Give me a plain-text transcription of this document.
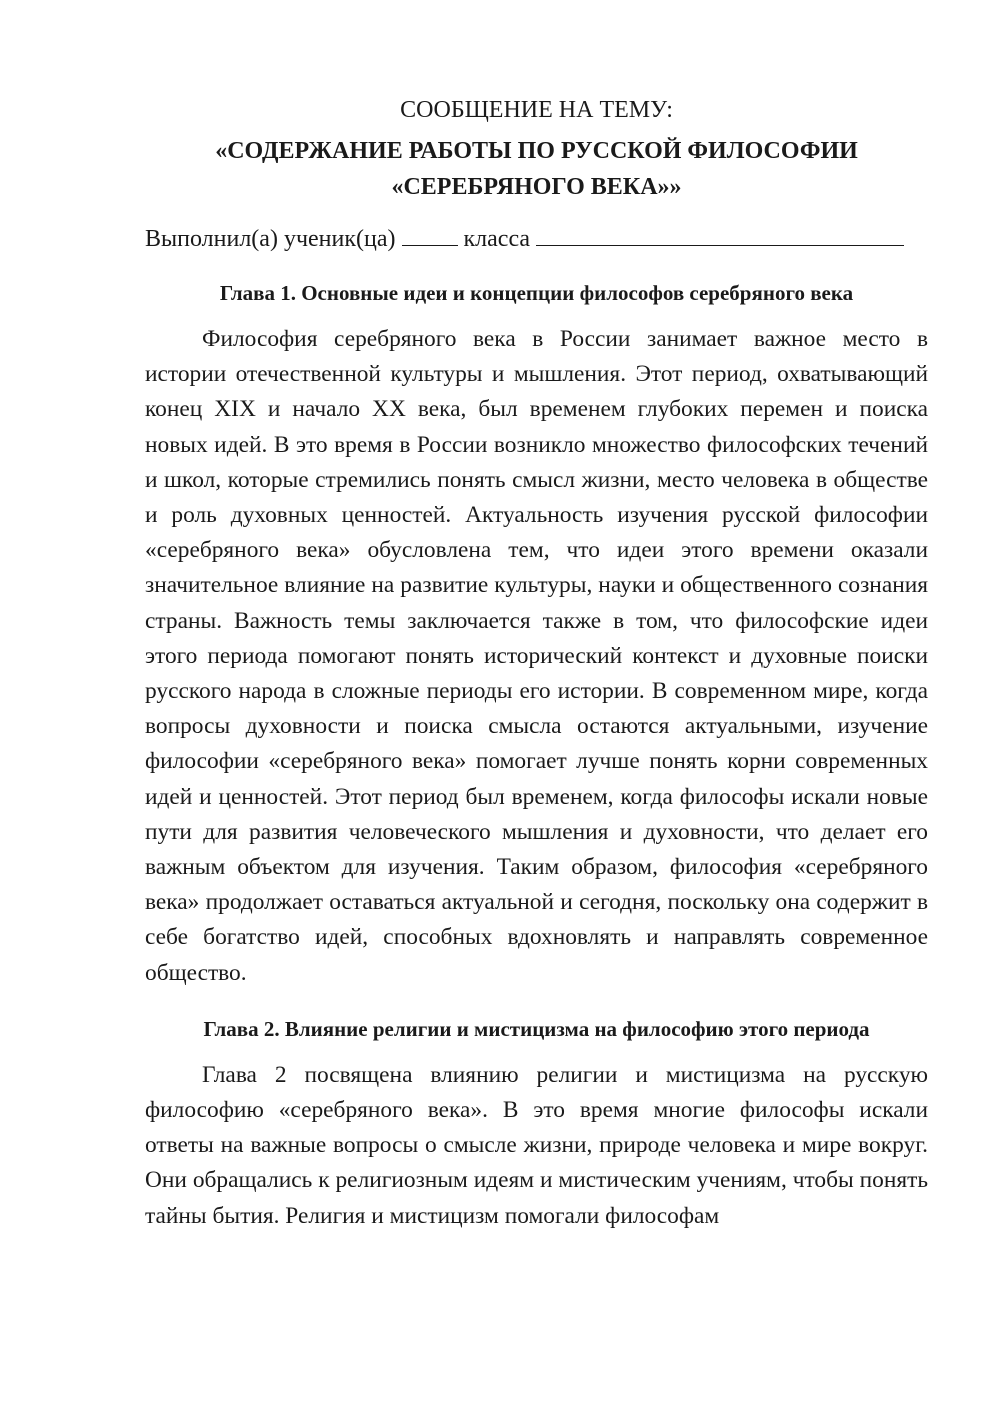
СООБЩЕНИЕ НА ТЕМУ:

«СОДЕРЖАНИЕ РАБОТЫ ПО РУССКОЙ ФИЛОСОФИИ

«СЕРЕБРЯНОГО ВЕКА»»

Выполнил(а) ученик(ца)	класса
Глава 1. Основные идеи и концепции философов серебряного века

Философия серебряного века в России занимает важное место в истории отечественной культуры и мышления. Этот период, охватывающий конец XIX и начало XX века, был временем глубоких перемен и поиска новых идей. В это время в России возникло множество философских течений и школ, которые стремились понять смысл жизни, место человека в обществе и роль духовных ценностей. Актуальность изучения русской философии «серебряного века» обусловлена тем, что идеи этого времени оказали значительное влияние на развитие культуры, науки и общественного сознания страны. Важность темы заключается также в том, что философские идеи этого периода помогают понять исторический контекст и духовные поиски русского народа в сложные периоды его истории. В современном мире, когда вопросы духовности и поиска смысла остаются актуальными, изучение философии «серебряного века» помогает лучше понять корни современных идей и ценностей. Этот период был временем, когда философы искали новые пути для развития человеческого мышления и духовности, что делает его важным объектом для изучения. Таким образом, философия «серебряного века» продолжает оставаться актуальной и сегодня, поскольку она содержит в себе богатство идей, способных вдохновлять и направлять современное общество.

Глава 2. Влияние религии и мистицизма на философию этого периода

Глава 2 посвящена влиянию религии и мистицизма на русскую философию «серебряного века». В это время многие философы искали ответы на важные вопросы о смысле жизни, природе человека и мире вокруг. Они обращались к религиозным идеям и мистическим учениям, чтобы понять тайны бытия. Религия и мистицизм помогали философам
